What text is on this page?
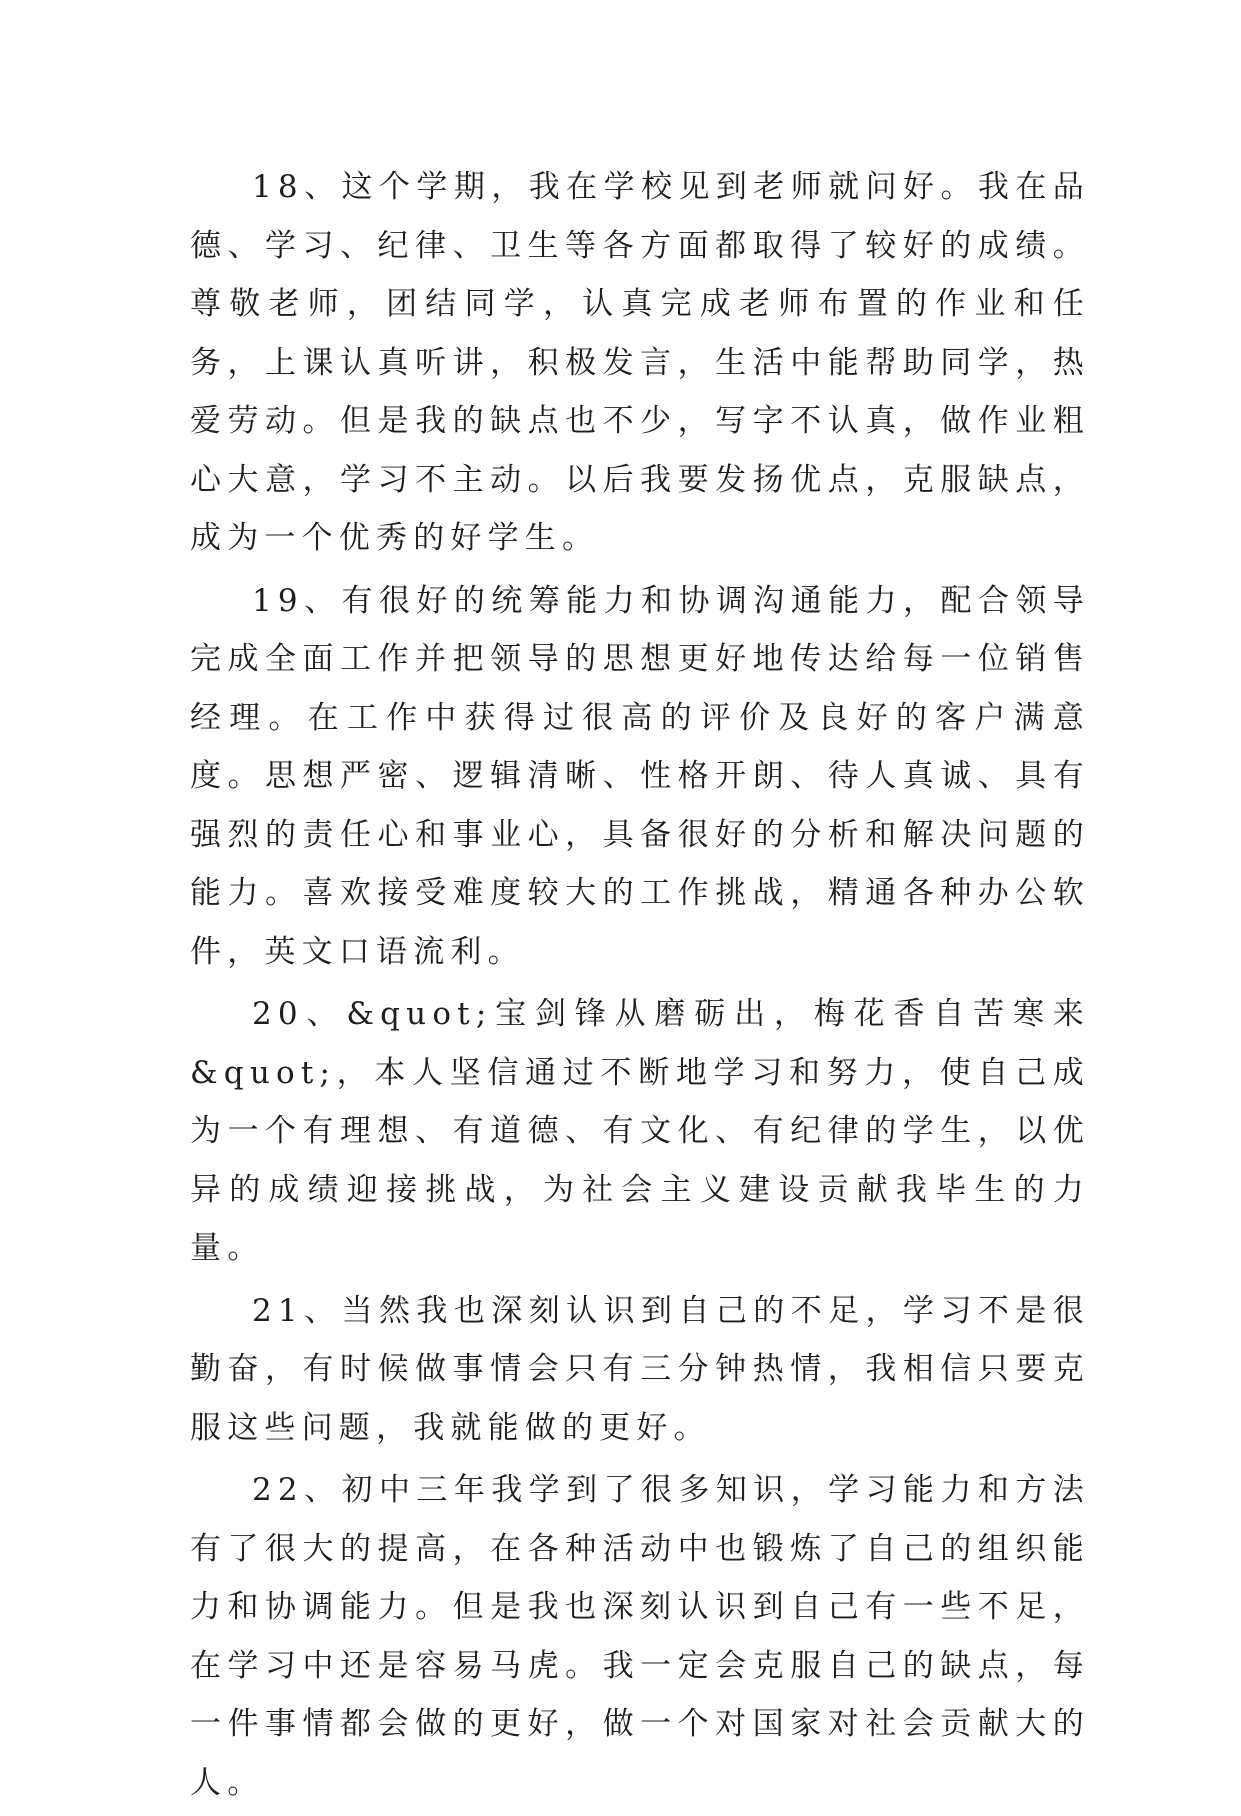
18、这个学期，我在学校见到老师就问好。我在品德、学习、纪律、卫生等各方面都取得了较好的成绩。尊敬老师，团结同学，认真完成老师布置的作业和任务，上课认真听讲，积极发言，生活中能帮助同学，热爱劳动。但是我的缺点也不少，写字不认真，做作业粗心大意，学习不主动。以后我要发扬优点，克服缺点，成为一个优秀的好学生。

19、有很好的统筹能力和协调沟通能力，配合领导完成全面工作并把领导的思想更好地传达给每一位销售经理。在工作中获得过很高的评价及良好的客户满意度。思想严密、逻辑清晰、性格开朗、待人真诚、具有强烈的责任心和事业心，具备很好的分析和解决问题的能力。喜欢接受难度较大的工作挑战，精通各种办公软件，英文口语流利。

20、&quot;宝剑锋从磨砺出，梅花香自苦寒来&quot;，本人坚信通过不断地学习和努力，使自己成为一个有理想、有道德、有文化、有纪律的学生，以优异的成绩迎接挑战，为社会主义建设贡献我毕生的力量。

21、当然我也深刻认识到自己的不足，学习不是很勤奋，有时候做事情会只有三分钟热情，我相信只要克服这些问题，我就能做的更好。

22、初中三年我学到了很多知识，学习能力和方法有了很大的提高，在各种活动中也锻炼了自己的组织能力和协调能力。但是我也深刻认识到自己有一些不足，在学习中还是容易马虎。我一定会克服自己的缺点，每一件事情都会做的更好，做一个对国家对社会贡献大的人。
